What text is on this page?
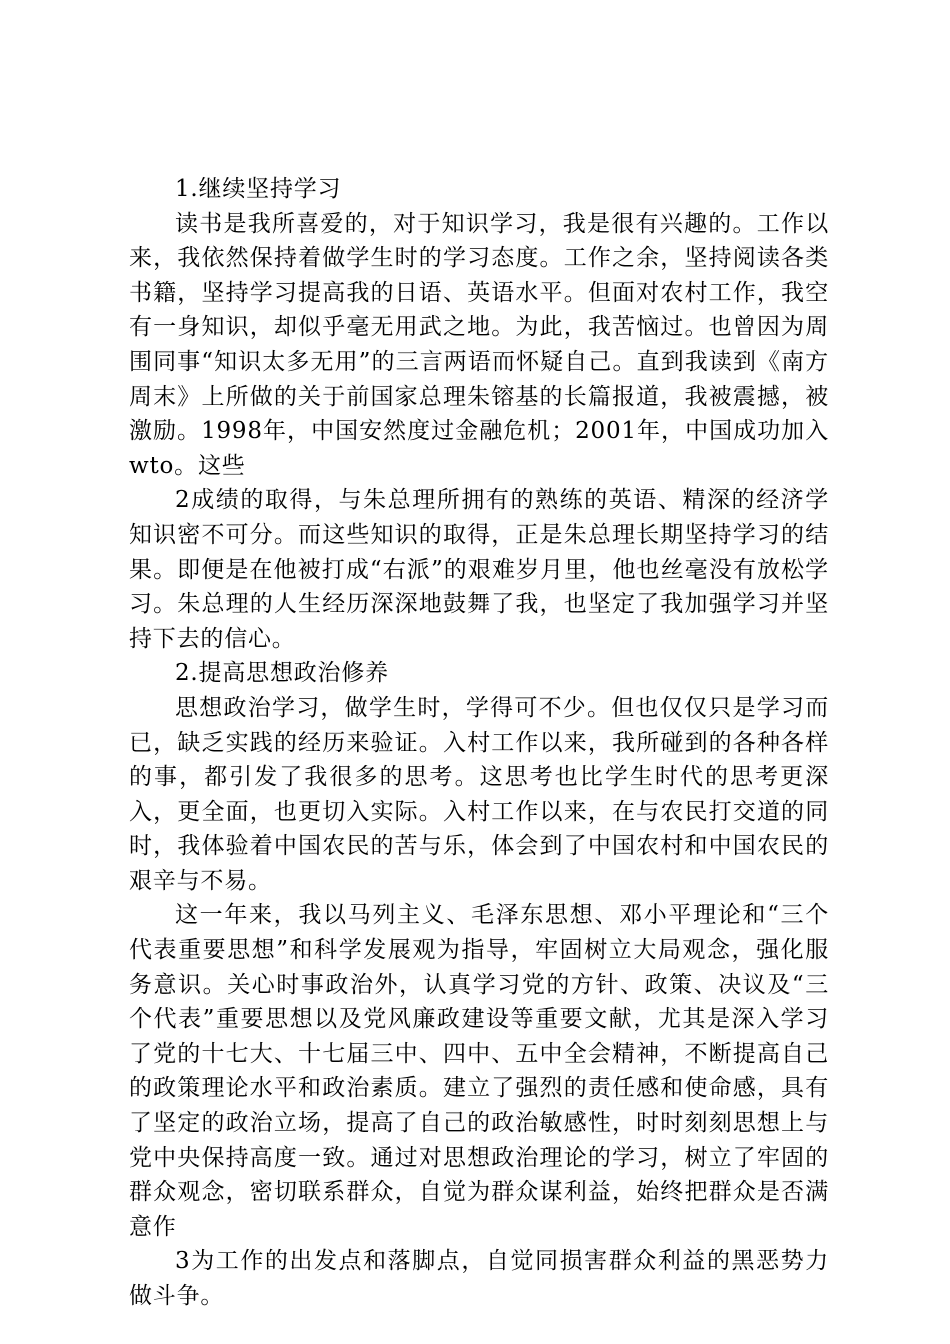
1.继续坚持学习

读书是我所喜爱的，对于知识学习，我是很有兴趣的。工作以来，我依然保持着做学生时的学习态度。工作之余，坚持阅读各类书籍，坚持学习提高我的日语、英语水平。但面对农村工作，我空有一身知识，却似乎毫无用武之地。为此，我苦恼过。也曾因为周围同事“知识太多无用”的三言两语而怀疑自己。直到我读到《南方周末》上所做的关于前国家总理朱镕基的长篇报道，我被震撼，被激励。1998年，中国安然度过金融危机；2001年，中国成功加入wto。这些

2成绩的取得，与朱总理所拥有的熟练的英语、精深的经济学知识密不可分。而这些知识的取得，正是朱总理长期坚持学习的结果。即便是在他被打成“右派”的艰难岁月里，他也丝毫没有放松学习。朱总理的人生经历深深地鼓舞了我，也坚定了我加强学习并坚持下去的信心。

2.提高思想政治修养

思想政治学习，做学生时，学得可不少。但也仅仅只是学习而已，缺乏实践的经历来验证。入村工作以来，我所碰到的各种各样的事，都引发了我很多的思考。这思考也比学生时代的思考更深入，更全面，也更切入实际。入村工作以来，在与农民打交道的同时，我体验着中国农民的苦与乐，体会到了中国农村和中国农民的艰辛与不易。

这一年来，我以马列主义、毛泽东思想、邓小平理论和“三个代表重要思想”和科学发展观为指导，牢固树立大局观念，强化服务意识。关心时事政治外，认真学习党的方针、政策、决议及“三个代表”重要思想以及党风廉政建设等重要文献，尤其是深入学习了党的十七大、十七届三中、四中、五中全会精神，不断提高自己的政策理论水平和政治素质。建立了强烈的责任感和使命感，具有了坚定的政治立场，提高了自己的政治敏感性，时时刻刻思想上与党中央保持高度一致。通过对思想政治理论的学习，树立了牢固的群众观念，密切联系群众，自觉为群众谋利益，始终把群众是否满意作

3为工作的出发点和落脚点，自觉同损害群众利益的黑恶势力做斗争。
